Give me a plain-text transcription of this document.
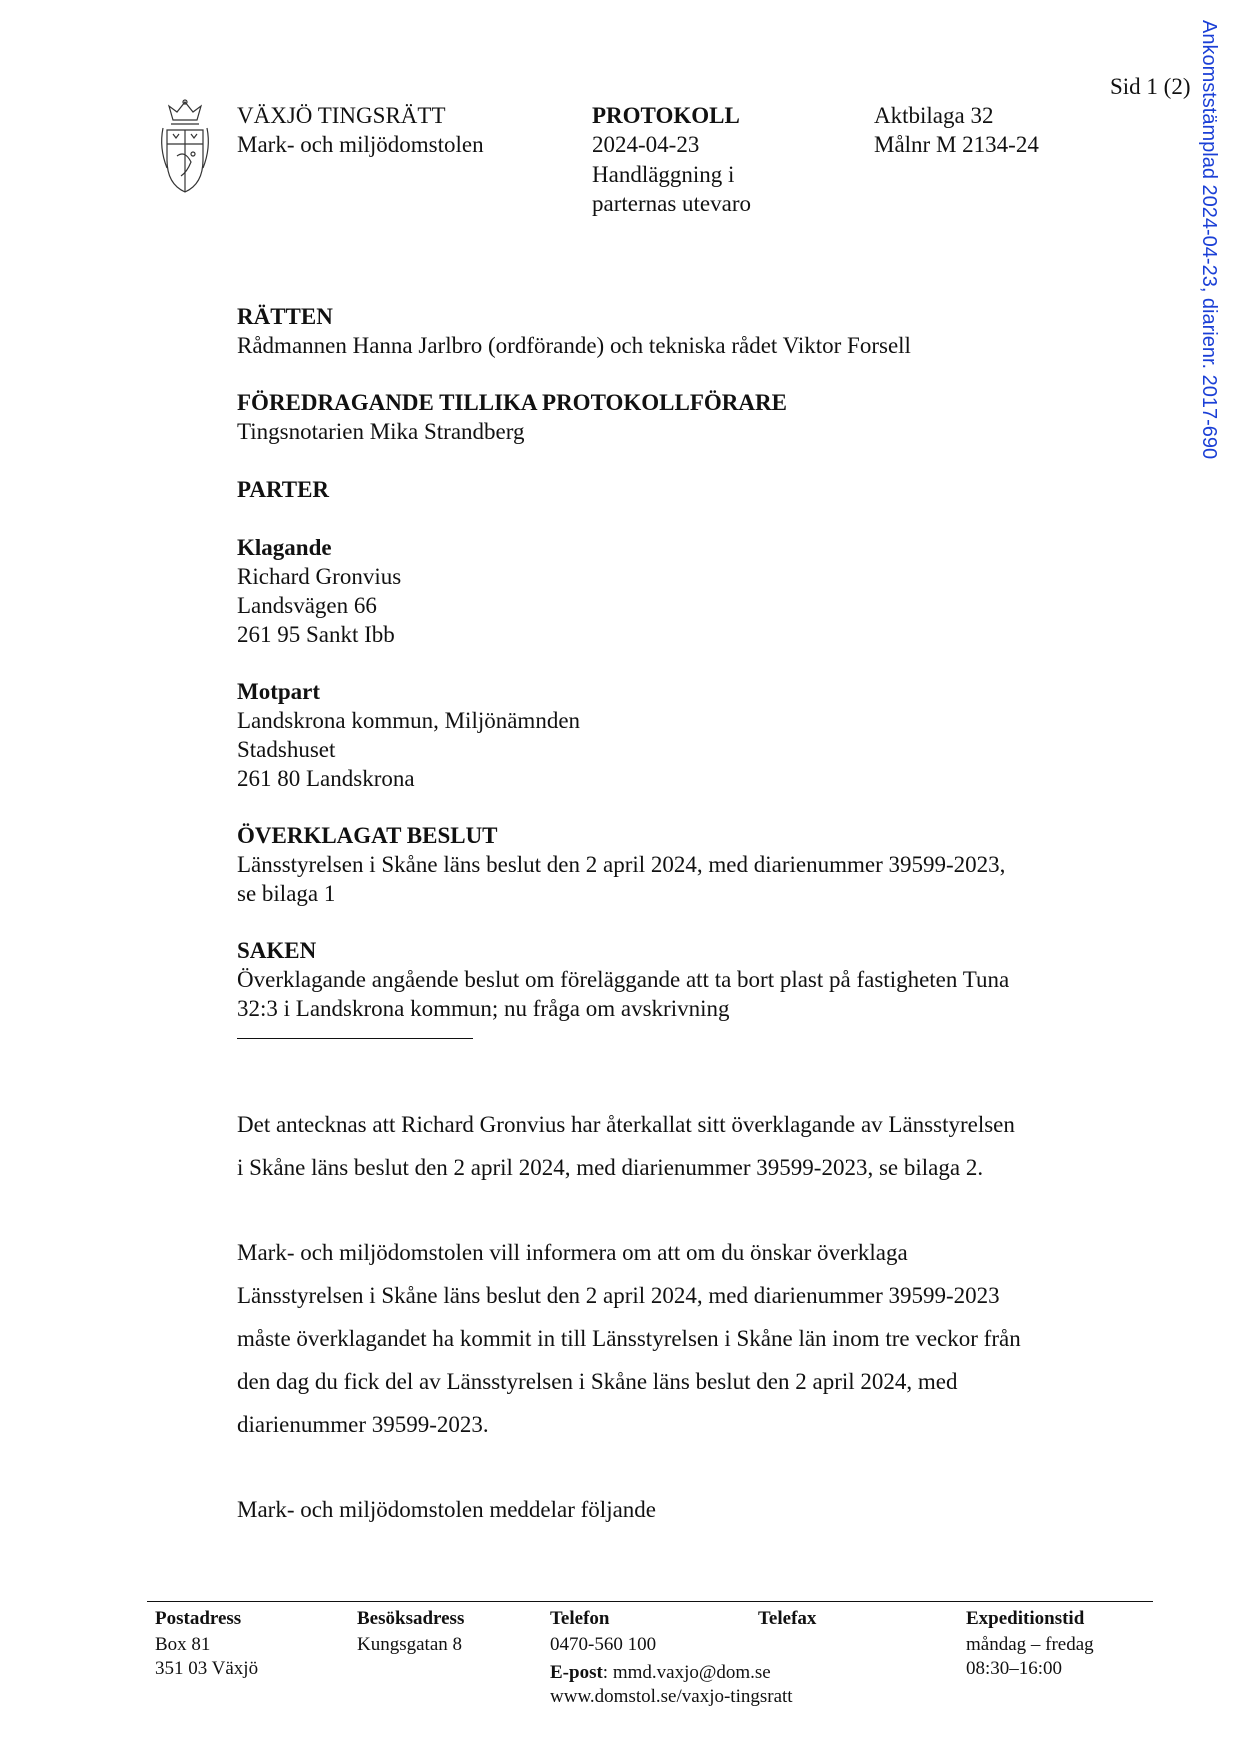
VÄXJÖ TINGSRÄTT

Mark- och miljödomstolen

PROTOKOLL

2024-04-23

Handläggning i

parternas utevaro

Aktbilaga 32

Målnr M 2134-24

Sid 1 (2) Ankomststämplad 2024-04-23, diarienr. 2017-690

RÄTTEN

Rådmannen Hanna Jarlbro (ordförande) och tekniska rådet Viktor Forsell

FÖREDRAGANDE TILLIKA PROTOKOLLFÖRARE

Tingsnotarien Mika Strandberg

PARTER

Klagande

Richard Gronvius

Landsvägen 66

261 95 Sankt Ibb

Motpart

Landskrona kommun, Miljönämnden

Stadshuset

261 80 Landskrona

ÖVERKLAGAT BESLUT

Länsstyrelsen i Skåne läns beslut den 2 april 2024, med diarienummer 39599-2023,

se bilaga 1

SAKEN

Överklagande angående beslut om föreläggande att ta bort plast på fastigheten Tuna

32:3 i Landskrona kommun; nu fråga om avskrivning

Det antecknas att Richard Gronvius har återkallat sitt överklagande av Länsstyrelsen

i Skåne läns beslut den 2 april 2024, med diarienummer 39599-2023, se bilaga 2.

Mark- och miljödomstolen vill informera om att om du önskar överklaga

Länsstyrelsen i Skåne läns beslut den 2 april 2024, med diarienummer 39599-2023

måste överklagandet ha kommit in till Länsstyrelsen i Skåne län inom tre veckor från

den dag du fick del av Länsstyrelsen i Skåne läns beslut den 2 april 2024, med

diarienummer 39599-2023.

Mark- och miljödomstolen meddelar följande

Postadress

Box 81

351 03 Växjö

Besöksadress

Kungsgatan 8

Telefon

0470-560 100

E-post: mmd.vaxjo@dom.se

www.domstol.se/vaxjo-tingsratt

Telefax	Expeditionstid

måndag – fredag

08:30–16:00
